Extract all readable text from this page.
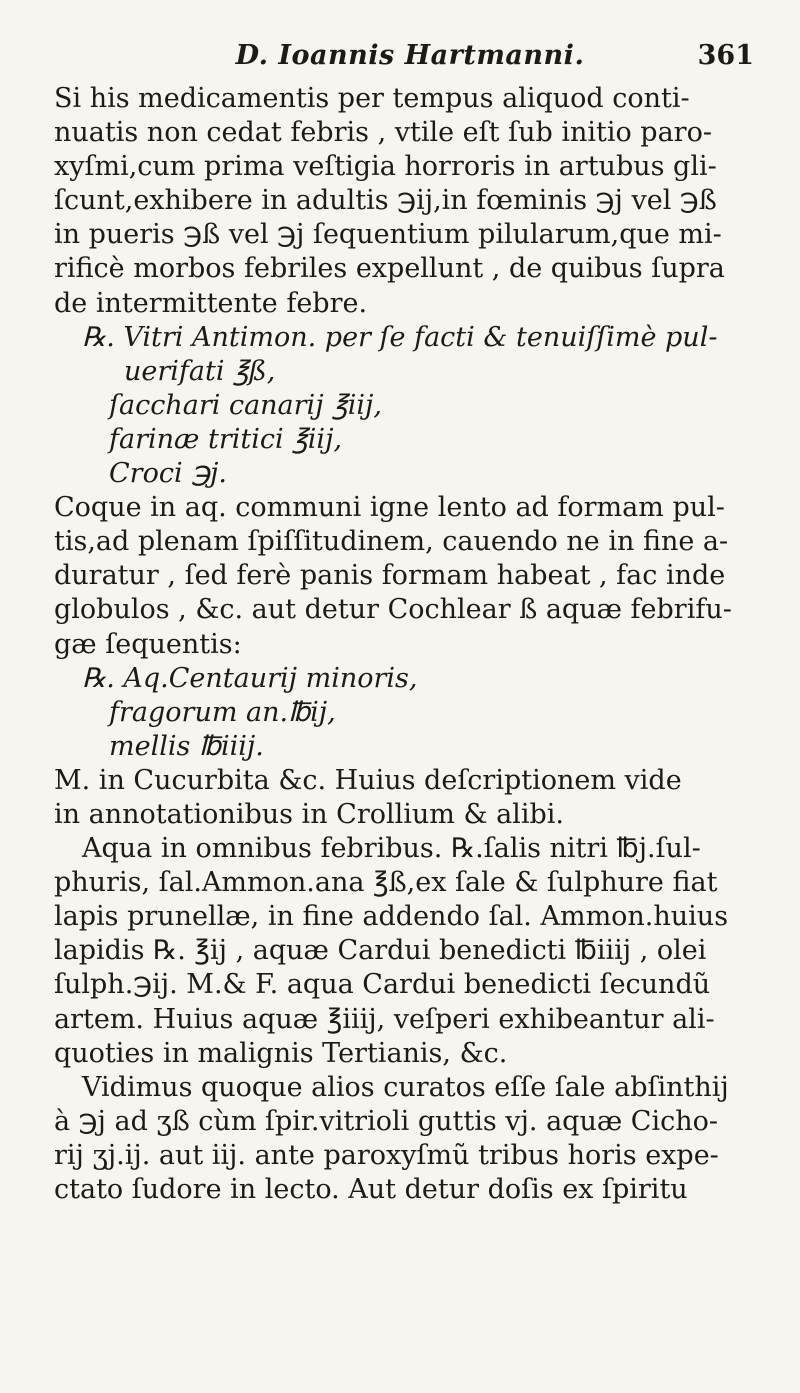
D. Ioannis Hartmanni.	361
Si his medicamentis per tempus aliquod conti-
nuatis non cedat febris , vtile eſt ſub initio paro-
xyſmi,cum prima veſtigia horroris in artubus gli-
ſcunt,exhibere in adultis ℈ij,in fœminis ℈j vel ℈ß
in pueris ℈ß vel ℈j ſequentium pilularum,que mi-
rificè morbos febriles expellunt , de quibus ſupra
de intermittente febre.
℞. Vitri Antimon. per ſe facti & tenuiſſimè pul-
uerifati ℥ß,
ſacchari canarij ℥iij,
farinæ tritici ℥iij,
Croci ℈j.
Coque in aq. communi igne lento ad formam pul-
tis,ad plenam ſpiſſitudinem, cauendo ne in fine a-
duratur , ſed ferè panis formam habeat , fac inde
globulos , &c. aut detur Cochlear ß aquæ febrifu-
gæ ſequentis:
℞. Aq.Centaurij minoris,
fragorum an.℔ij,
mellis ℔iiij.
M. in Cucurbita &c. Huius deſcriptionem vide
in annotationibus in Crollium & alibi.
Aqua in omnibus febribus. ℞.ſalis nitri ℔j.ſul-
phuris, ſal.Ammon.ana ℥ß,ex ſale & ſulphure fiat
lapis prunellæ, in fine addendo ſal. Ammon.huius
lapidis ℞. ℥ij , aquæ Cardui benedicti ℔iiij , olei
ſulph.℈ij. M.& F. aqua Cardui benedicti ſecundũ
artem. Huius aquæ ℥iiij, veſperi exhibeantur ali-
quoties in malignis Tertianis, &c.
Vidimus quoque alios curatos eſſe ſale abſinthij
à ℈j ad ʒß cùm ſpir.vitrioli guttis vj. aquæ Cicho-
rij ʒj.ij. aut iij. ante paroxyſmũ tribus horis expe-
ctato ſudore in lecto. Aut detur doſis ex ſpiritu
